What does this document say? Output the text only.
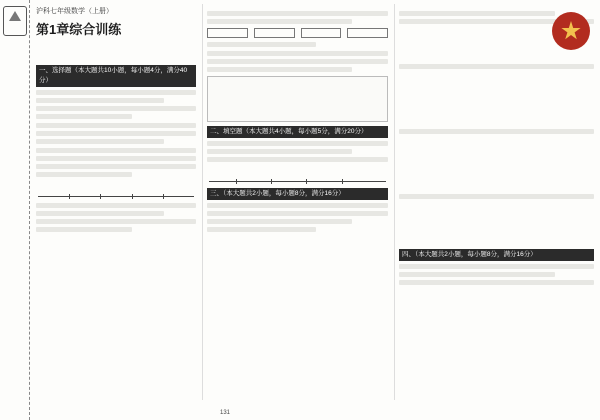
沪科七年级数学（上册）
第1章综合训练
一、选择题（本大题共10小题，每小题4分，满分40分）
二、填空题（本大题共4小题，每小题5分，满分20分）
三、（本大题共2小题，每小题8分，满分16分）
四、（本大题共2小题，每小题8分，满分16分）
131
